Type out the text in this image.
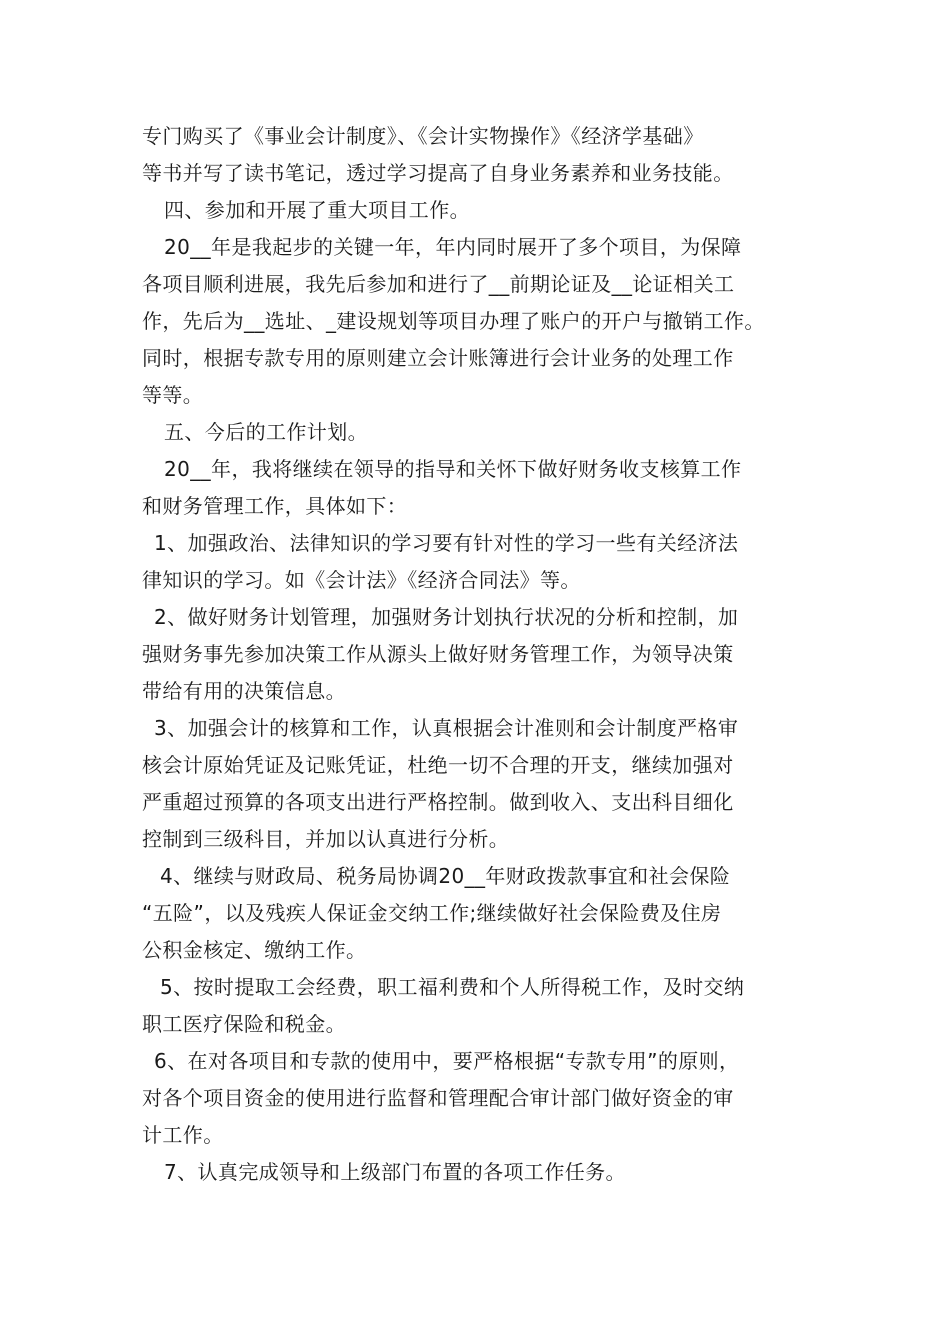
专门购买了《事业会计制度》、《会计实物操作》《经济学基础》
等书并写了读书笔记，透过学习提高了自身业务素养和业务技能。
四、参加和开展了重大项目工作。
20__年是我起步的关键一年，年内同时展开了多个项目，为保障
各项目顺利进展，我先后参加和进行了__前期论证及__论证相关工
作，先后为__选址、_建设规划等项目办理了账户的开户与撤销工作。
同时，根据专款专用的原则建立会计账簿进行会计业务的处理工作
等等。
五、今后的工作计划。
20__年，我将继续在领导的指导和关怀下做好财务收支核算工作
和财务管理工作，具体如下：
1、加强政治、法律知识的学习要有针对性的学习一些有关经济法
律知识的学习。如《会计法》《经济合同法》等。
2、做好财务计划管理，加强财务计划执行状况的分析和控制，加
强财务事先参加决策工作从源头上做好财务管理工作，为领导决策
带给有用的决策信息。
3、加强会计的核算和工作，认真根据会计准则和会计制度严格审
核会计原始凭证及记账凭证，杜绝一切不合理的开支，继续加强对
严重超过预算的各项支出进行严格控制。做到收入、支出科目细化
控制到三级科目，并加以认真进行分析。
4、继续与财政局、税务局协调20__年财政拨款事宜和社会保险
“五险”，以及残疾人保证金交纳工作;继续做好社会保险费及住房
公积金核定、缴纳工作。
5、按时提取工会经费，职工福利费和个人所得税工作，及时交纳
职工医疗保险和税金。
6、在对各项目和专款的使用中，要严格根据“专款专用”的原则，
对各个项目资金的使用进行监督和管理配合审计部门做好资金的审
计工作。
7、认真完成领导和上级部门布置的各项工作任务。
